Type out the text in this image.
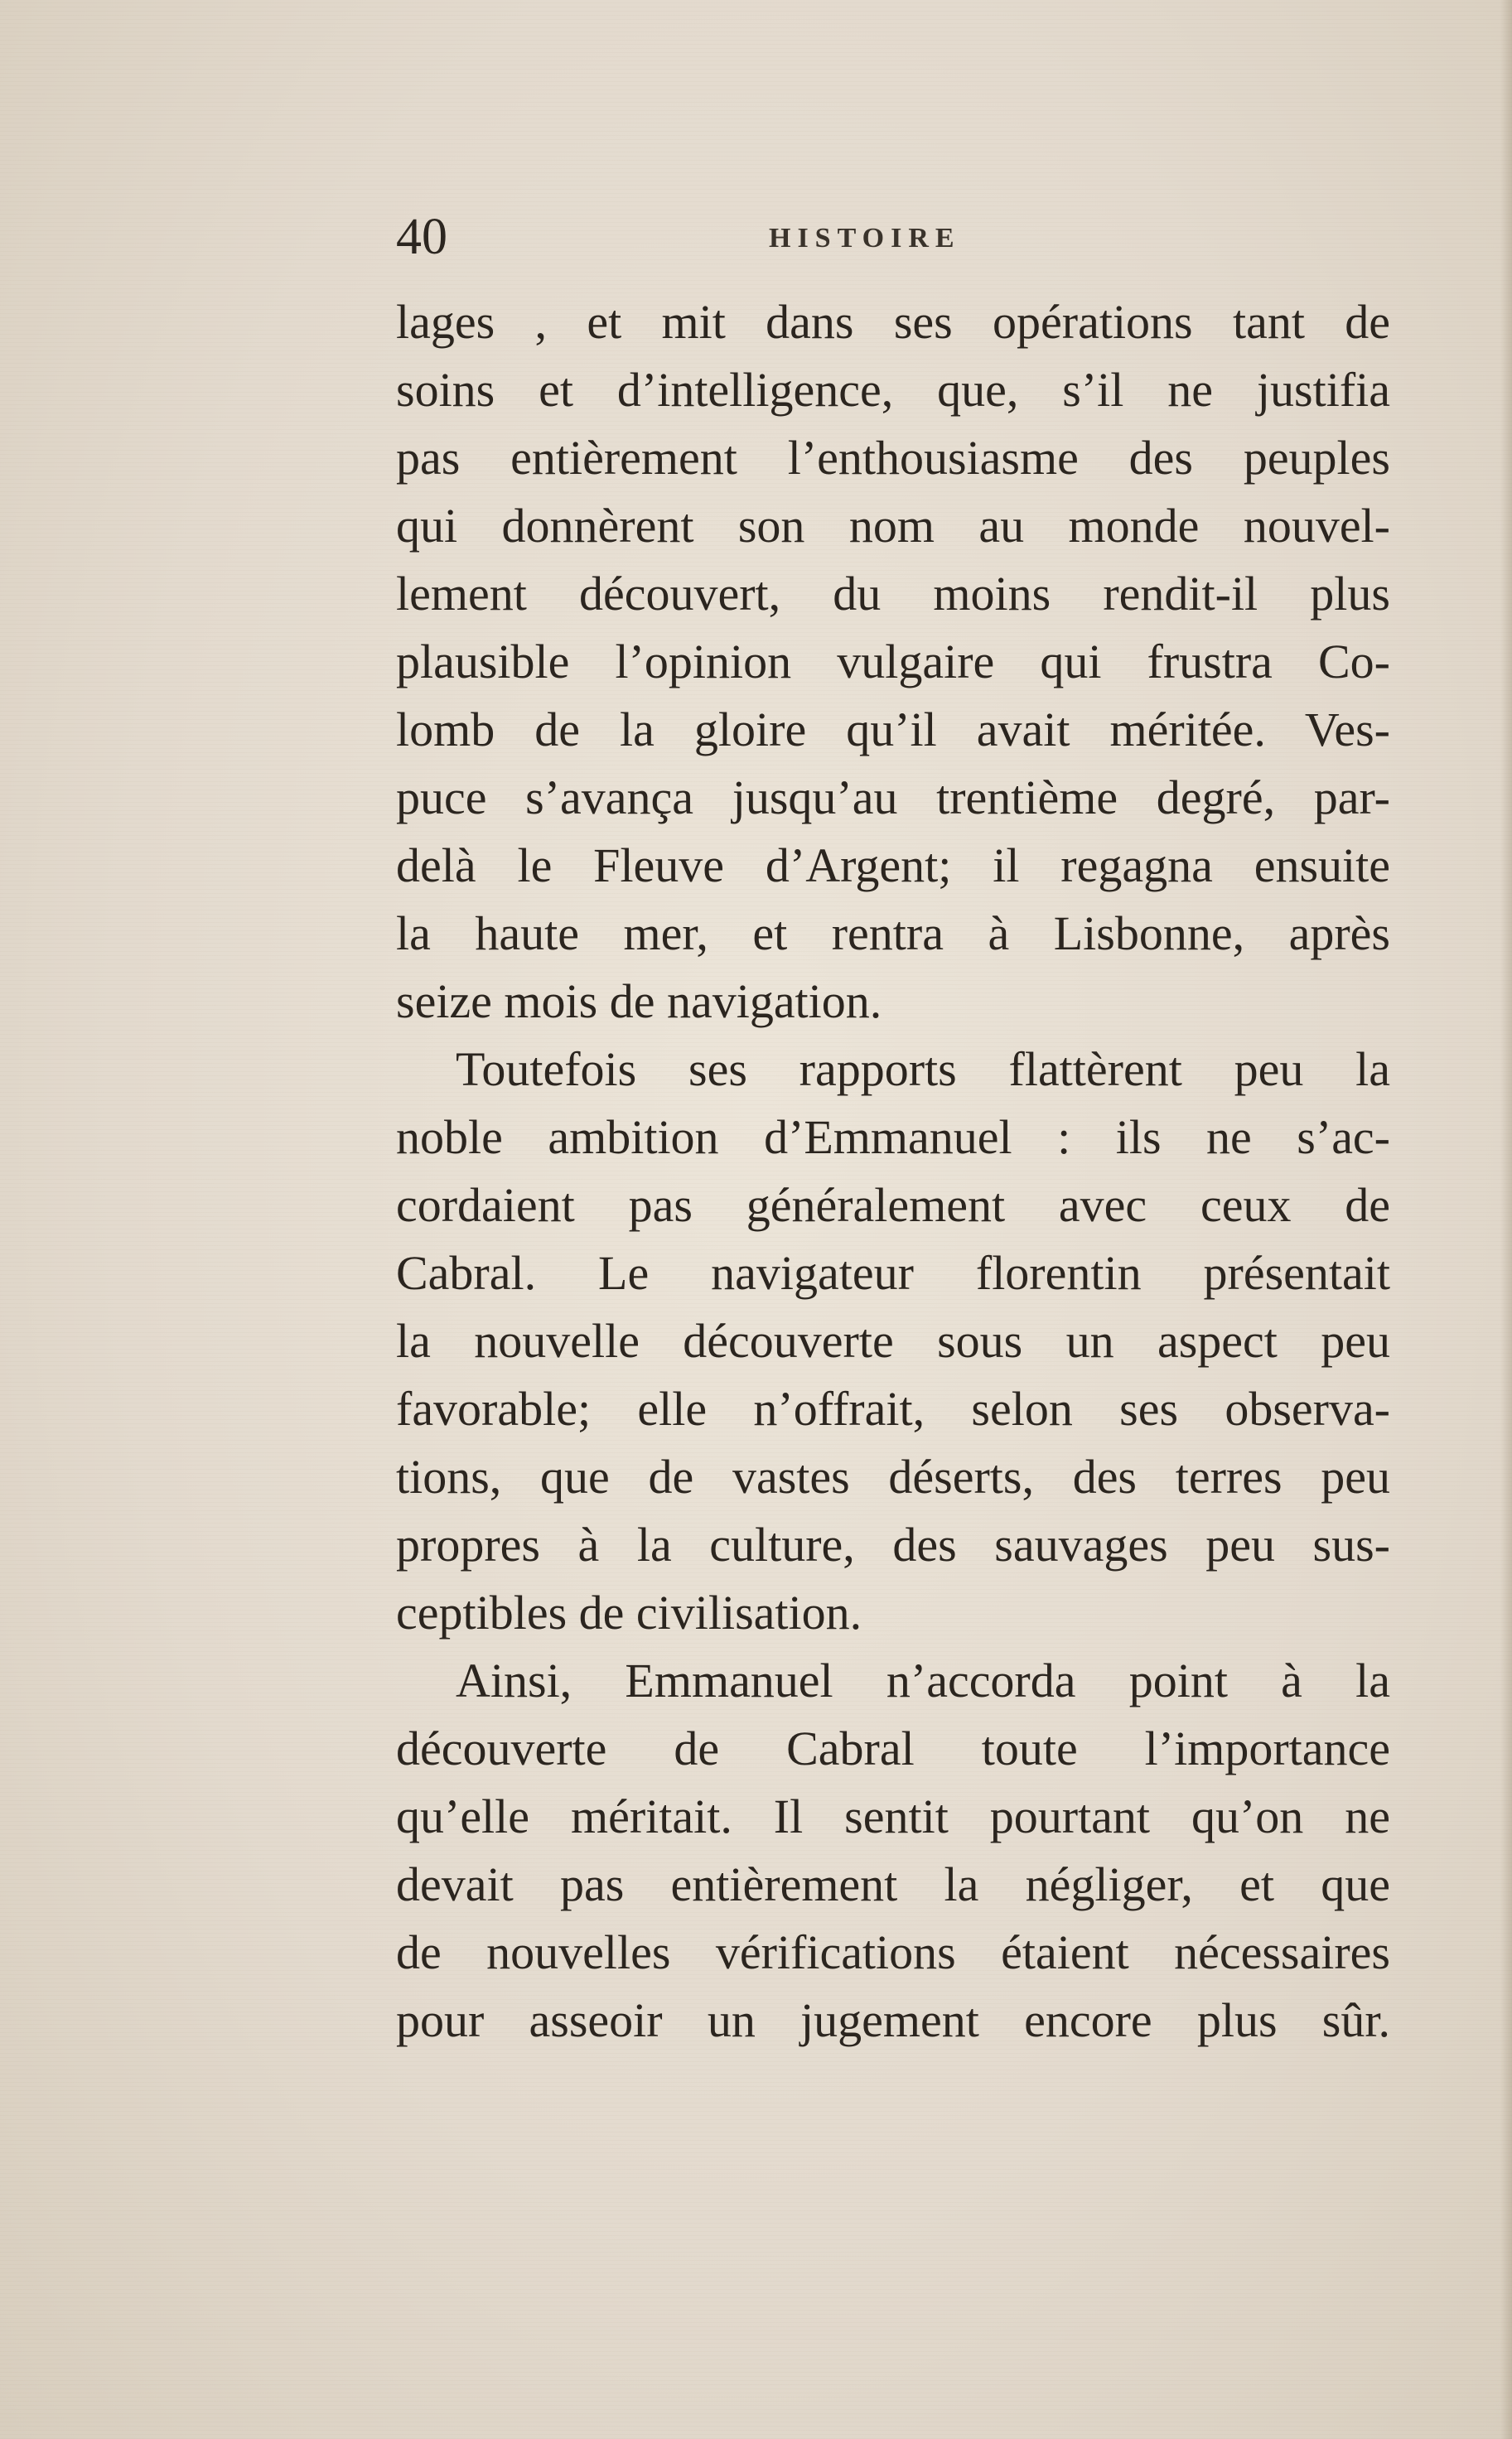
40	HISTOIRE
lages , et mit dans ses opérations tant de
soins et d’intelligence, que, s’il ne justifia
pas entièrement l’enthousiasme des peuples
qui donnèrent son nom au monde nouvel-
lement découvert, du moins rendit-il plus
plausible l’opinion vulgaire qui frustra Co-
lomb de la gloire qu’il avait méritée. Ves-
puce s’avança jusqu’au trentième degré, par-
delà le Fleuve d’Argent; il regagna ensuite
la haute mer, et rentra à Lisbonne, après
seize mois de navigation.
Toutefois ses rapports flattèrent peu la
noble ambition d’Emmanuel : ils ne s’ac-
cordaient pas généralement avec ceux de
Cabral. Le navigateur florentin présentait
la nouvelle découverte sous un aspect peu
favorable; elle n’offrait, selon ses observa-
tions, que de vastes déserts, des terres peu
propres à la culture, des sauvages peu sus-
ceptibles de civilisation.
Ainsi, Emmanuel n’accorda point à la
découverte de Cabral toute l’importance
qu’elle méritait. Il sentit pourtant qu’on ne
devait pas entièrement la négliger, et que
de nouvelles vérifications étaient nécessaires
pour asseoir un jugement encore plus sûr.
